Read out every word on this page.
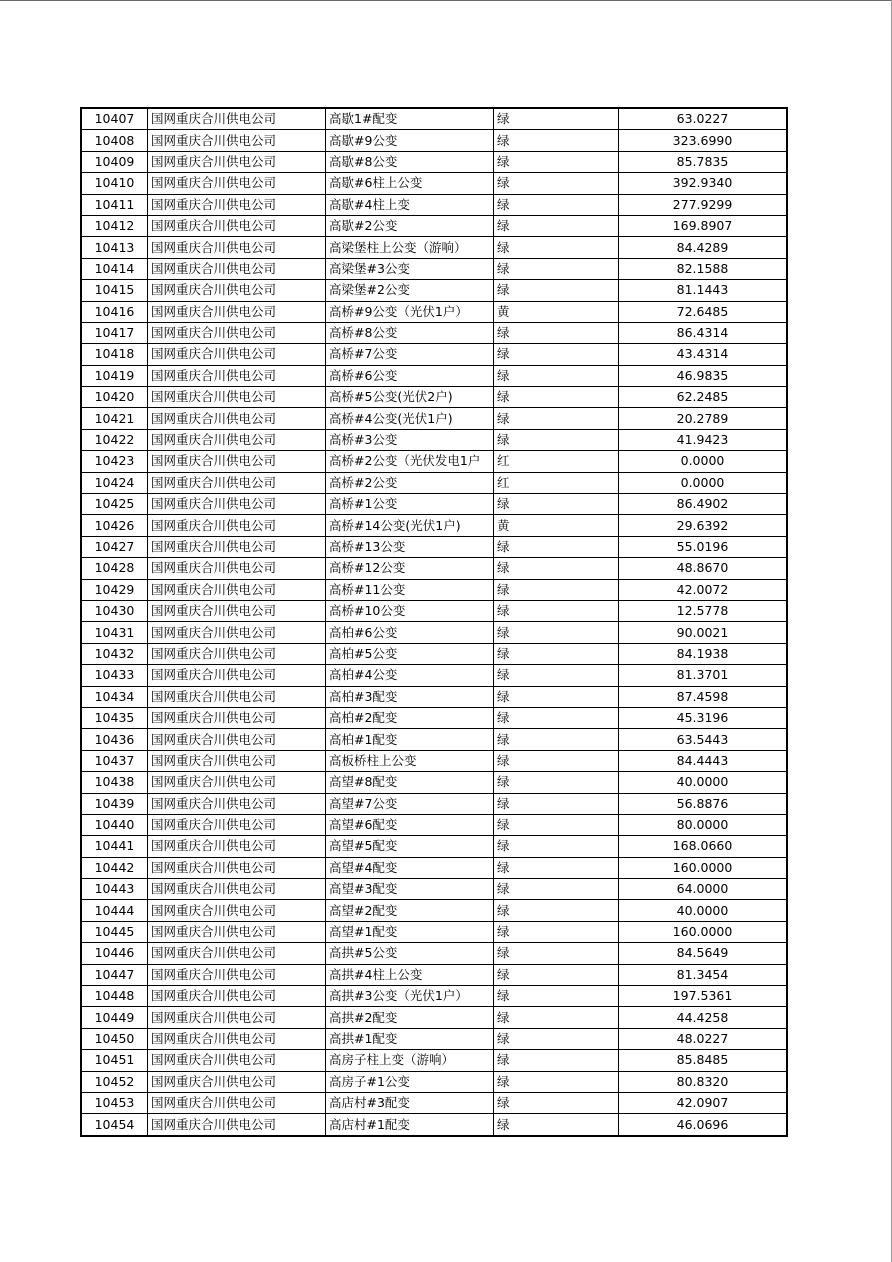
10407	国网重庆合川供电公司	高歇1#配变	绿	63.0227
10408	国网重庆合川供电公司	高歇#9公变	绿	323.6990
10409	国网重庆合川供电公司	高歇#8公变	绿	85.7835
10410	国网重庆合川供电公司	高歇#6柱上公变	绿	392.9340
10411	国网重庆合川供电公司	高歇#4柱上变	绿	277.9299
10412	国网重庆合川供电公司	高歇#2公变	绿	169.8907
10413	国网重庆合川供电公司	高梁堡柱上公变（游响）	绿	84.4289
10414	国网重庆合川供电公司	高梁堡#3公变	绿	82.1588
10415	国网重庆合川供电公司	高梁堡#2公变	绿	81.1443
10416	国网重庆合川供电公司	高桥#9公变（光伏1户）	黄	72.6485
10417	国网重庆合川供电公司	高桥#8公变	绿	86.4314
10418	国网重庆合川供电公司	高桥#7公变	绿	43.4314
10419	国网重庆合川供电公司	高桥#6公变	绿	46.9835
10420	国网重庆合川供电公司	高桥#5公变(光伏2户)	绿	62.2485
10421	国网重庆合川供电公司	高桥#4公变(光伏1户)	绿	20.2789
10422	国网重庆合川供电公司	高桥#3公变	绿	41.9423
10423	国网重庆合川供电公司	高桥#2公变（光伏发电1户	红	0.0000
10424	国网重庆合川供电公司	高桥#2公变	红	0.0000
10425	国网重庆合川供电公司	高桥#1公变	绿	86.4902
10426	国网重庆合川供电公司	高桥#14公变(光伏1户)	黄	29.6392
10427	国网重庆合川供电公司	高桥#13公变	绿	55.0196
10428	国网重庆合川供电公司	高桥#12公变	绿	48.8670
10429	国网重庆合川供电公司	高桥#11公变	绿	42.0072
10430	国网重庆合川供电公司	高桥#10公变	绿	12.5778
10431	国网重庆合川供电公司	高柏#6公变	绿	90.0021
10432	国网重庆合川供电公司	高柏#5公变	绿	84.1938
10433	国网重庆合川供电公司	高柏#4公变	绿	81.3701
10434	国网重庆合川供电公司	高柏#3配变	绿	87.4598
10435	国网重庆合川供电公司	高柏#2配变	绿	45.3196
10436	国网重庆合川供电公司	高柏#1配变	绿	63.5443
10437	国网重庆合川供电公司	高板桥柱上公变	绿	84.4443
10438	国网重庆合川供电公司	高望#8配变	绿	40.0000
10439	国网重庆合川供电公司	高望#7公变	绿	56.8876
10440	国网重庆合川供电公司	高望#6配变	绿	80.0000
10441	国网重庆合川供电公司	高望#5配变	绿	168.0660
10442	国网重庆合川供电公司	高望#4配变	绿	160.0000
10443	国网重庆合川供电公司	高望#3配变	绿	64.0000
10444	国网重庆合川供电公司	高望#2配变	绿	40.0000
10445	国网重庆合川供电公司	高望#1配变	绿	160.0000
10446	国网重庆合川供电公司	高拱#5公变	绿	84.5649
10447	国网重庆合川供电公司	高拱#4柱上公变	绿	81.3454
10448	国网重庆合川供电公司	高拱#3公变（光伏1户）	绿	197.5361
10449	国网重庆合川供电公司	高拱#2配变	绿	44.4258
10450	国网重庆合川供电公司	高拱#1配变	绿	48.0227
10451	国网重庆合川供电公司	高房子柱上变（游响）	绿	85.8485
10452	国网重庆合川供电公司	高房子#1公变	绿	80.8320
10453	国网重庆合川供电公司	高店村#3配变	绿	42.0907
10454	国网重庆合川供电公司	高店村#1配变	绿	46.0696
